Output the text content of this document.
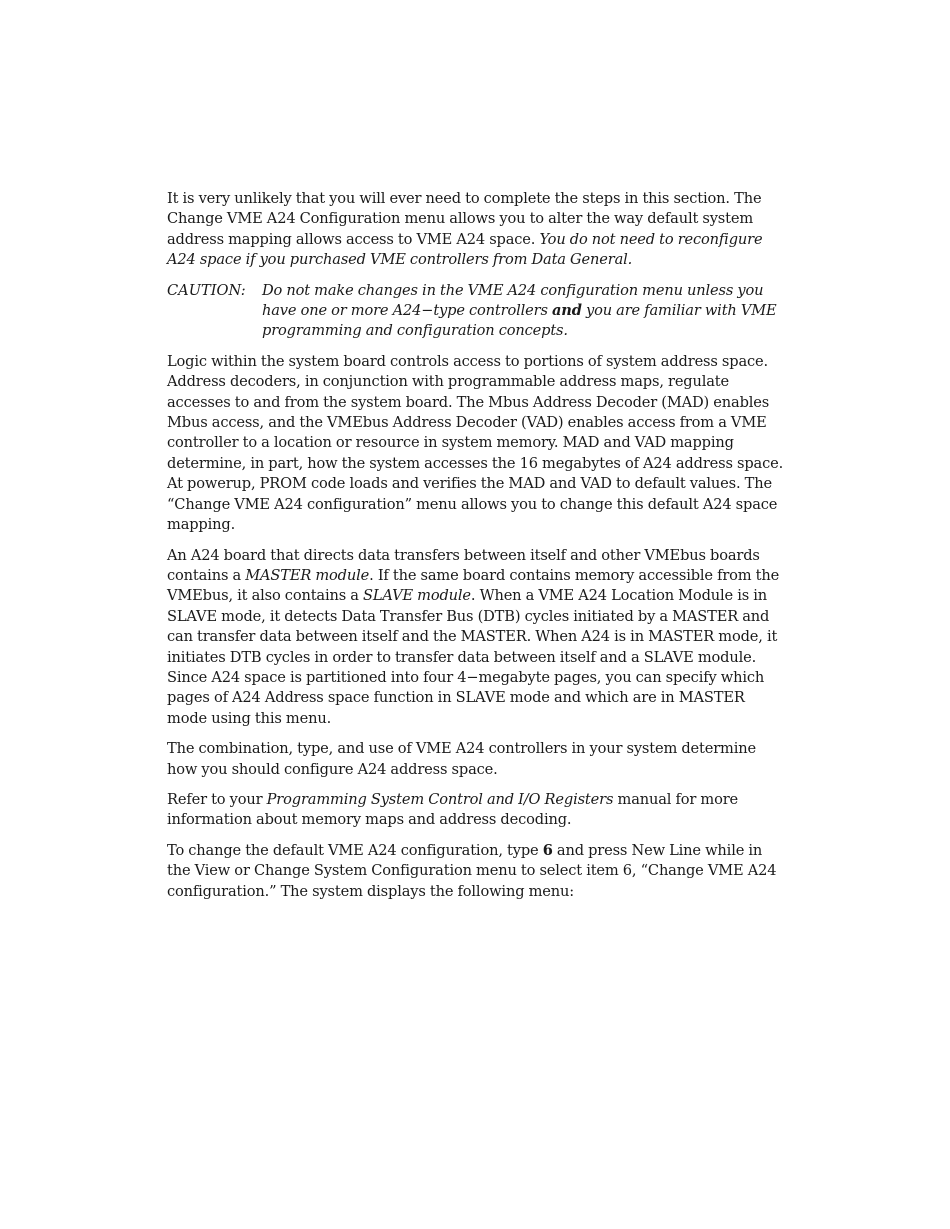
It is very unlikely that you will ever need to complete the steps in this section. The Change VME A24 Configuration menu allows you to alter the way default system address mapping allows access to VME A24 space. You do not need to reconfigure A24 space if you purchased VME controllers from Data General.

CAUTION:	Do not make changes in the VME A24 configuration menu unless you have one or more A24−type controllers and you are familiar with VME programming and configuration concepts.

Logic within the system board controls access to portions of system address space. Address decoders, in conjunction with programmable address maps, regulate accesses to and from the system board. The Mbus Address Decoder (MAD) enables Mbus access, and the VMEbus Address Decoder (VAD) enables access from a VME controller to a location or resource in system memory. MAD and VAD mapping determine, in part, how the system accesses the 16 megabytes of A24 address space. At powerup, PROM code loads and verifies the MAD and VAD to default values. The “Change VME A24 configuration” menu allows you to change this default A24 space mapping.

An A24 board that directs data transfers between itself and other VMEbus boards contains a MASTER module. If the same board contains memory accessible from the VMEbus, it also contains a SLAVE module. When a VME A24 Location Module is in SLAVE mode, it detects Data Transfer Bus (DTB) cycles initiated by a MASTER and can transfer data between itself and the MASTER. When A24 is in MASTER mode, it initiates DTB cycles in order to transfer data between itself and a SLAVE module. Since A24 space is partitioned into four 4−megabyte pages, you can specify which pages of A24 Address space function in SLAVE mode and which are in MASTER mode using this menu.

The combination, type, and use of VME A24 controllers in your system determine how you should configure A24 address space.

Refer to your Programming System Control and I/O Registers manual for more information about memory maps and address decoding.

To change the default VME A24 configuration, type 6 and press New Line while in the View or Change System Configuration menu to select item 6, “Change VME A24 configuration.” The system displays the following menu:
